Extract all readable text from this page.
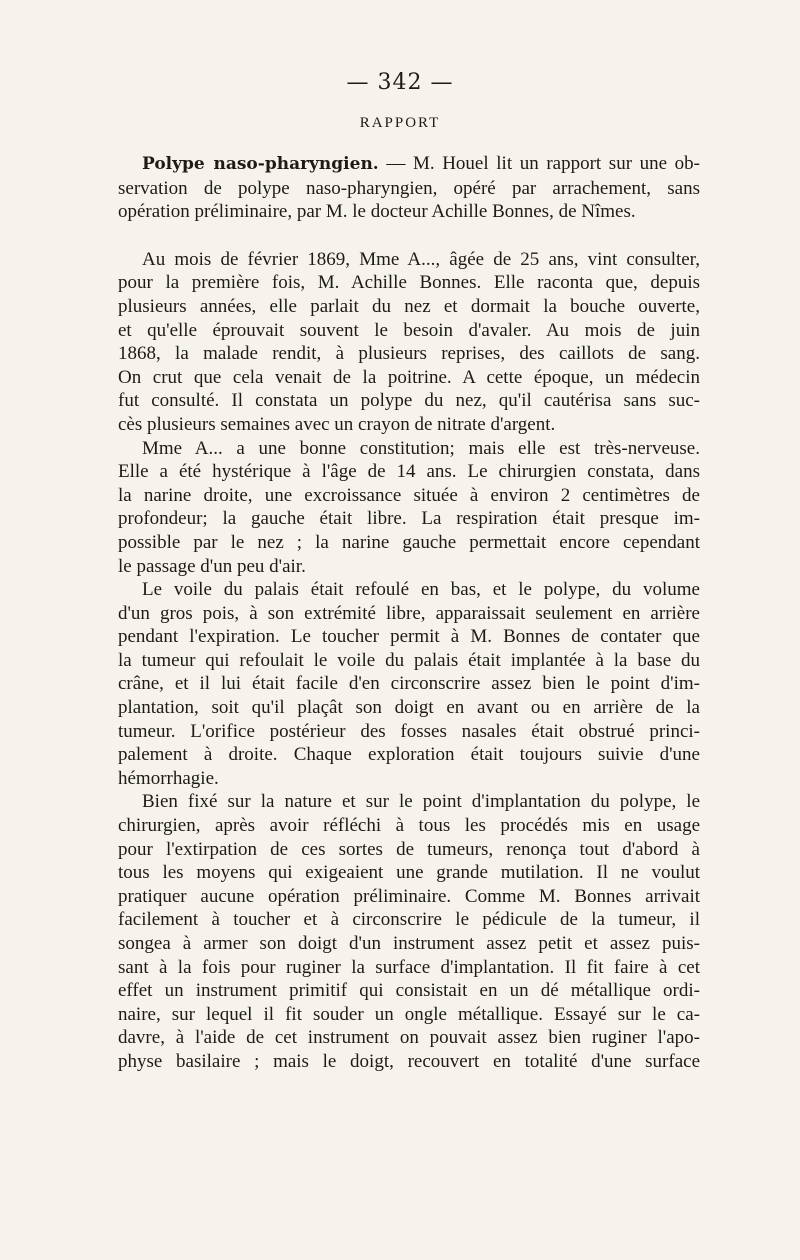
— 342 —
RAPPORT
Polype naso-pharyngien. — M. Houel lit un rapport sur une ob-
servation de polype naso-pharyngien, opéré par arrachement, sans
opération préliminaire, par M. le docteur Achille Bonnes, de Nîmes.
Au mois de février 1869, Mme A..., âgée de 25 ans, vint consulter,
pour la première fois, M. Achille Bonnes. Elle raconta que, depuis
plusieurs années, elle parlait du nez et dormait la bouche ouverte,
et qu'elle éprouvait souvent le besoin d'avaler. Au mois de juin
1868, la malade rendit, à plusieurs reprises, des caillots de sang.
On crut que cela venait de la poitrine. A cette époque, un médecin
fut consulté. Il constata un polype du nez, qu'il cautérisa sans suc-
cès plusieurs semaines avec un crayon de nitrate d'argent.
Mme A... a une bonne constitution; mais elle est très-nerveuse.
Elle a été hystérique à l'âge de 14 ans. Le chirurgien constata, dans
la narine droite, une excroissance située à environ 2 centimètres de
profondeur; la gauche était libre. La respiration était presque im-
possible par le nez ; la narine gauche permettait encore cependant
le passage d'un peu d'air.
Le voile du palais était refoulé en bas, et le polype, du volume
d'un gros pois, à son extrémité libre, apparaissait seulement en arrière
pendant l'expiration. Le toucher permit à M. Bonnes de contater que
la tumeur qui refoulait le voile du palais était implantée à la base du
crâne, et il lui était facile d'en circonscrire assez bien le point d'im-
plantation, soit qu'il plaçât son doigt en avant ou en arrière de la
tumeur. L'orifice postérieur des fosses nasales était obstrué princi-
palement à droite. Chaque exploration était toujours suivie d'une
hémorrhagie.
Bien fixé sur la nature et sur le point d'implantation du polype, le
chirurgien, après avoir réfléchi à tous les procédés mis en usage
pour l'extirpation de ces sortes de tumeurs, renonça tout d'abord à
tous les moyens qui exigeaient une grande mutilation. Il ne voulut
pratiquer aucune opération préliminaire. Comme M. Bonnes arrivait
facilement à toucher et à circonscrire le pédicule de la tumeur, il
songea à armer son doigt d'un instrument assez petit et assez puis-
sant à la fois pour ruginer la surface d'implantation. Il fit faire à cet
effet un instrument primitif qui consistait en un dé métallique ordi-
naire, sur lequel il fit souder un ongle métallique. Essayé sur le ca-
davre, à l'aide de cet instrument on pouvait assez bien ruginer l'apo-
physe basilaire ; mais le doigt, recouvert en totalité d'une surface
